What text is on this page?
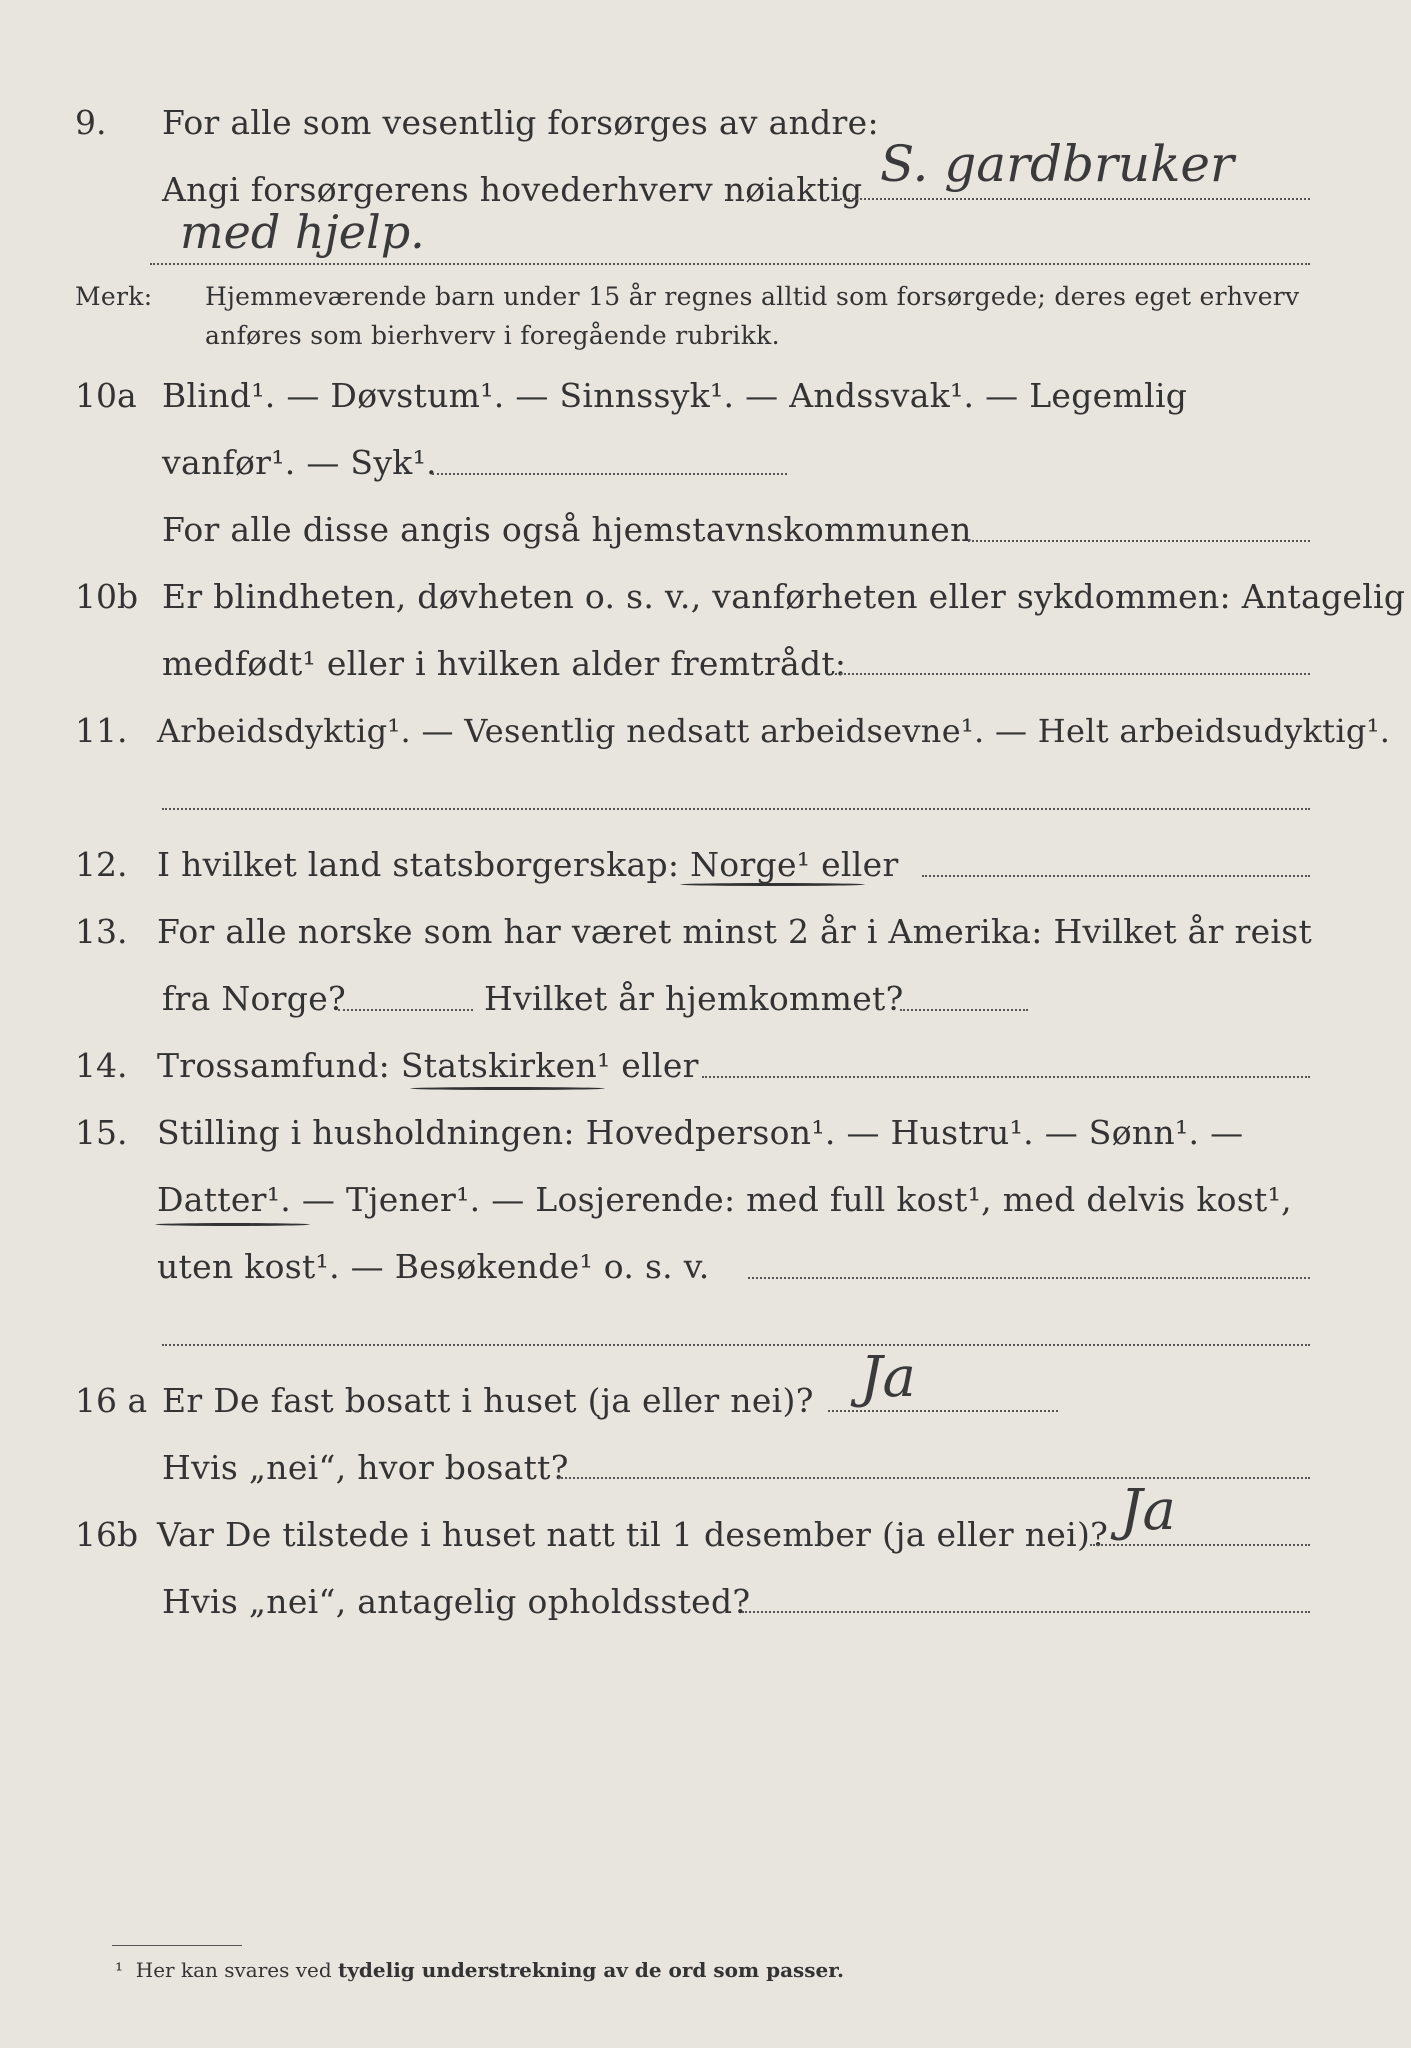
9. For alle som vesentlig forsørges av andre:
Angi forsørgerens hovederhverv nøiaktig S. gardbruker
med hjelp.
Merk: Hjemmeværende barn under 15 år regnes alltid som forsørgede; deres eget erhverv
anføres som bierhverv i foregående rubrikk.
10a Blind¹. — Døvstum¹. — Sinnssyk¹. — Andssvak¹. — Legemlig
vanfør¹. — Syk¹.
For alle disse angis også hjemstavnskommunen
10b Er blindheten, døvheten o. s. v., vanførheten eller sykdommen: Antagelig
medfødt¹ eller i hvilken alder fremtrådt:
11. Arbeidsdyktig¹. — Vesentlig nedsatt arbeidsevne¹. — Helt arbeidsudyktig¹.
12. I hvilket land statsborgerskap: Norge¹ eller
13. For alle norske som har været minst 2 år i Amerika: Hvilket år reist
fra Norge?	Hvilket år hjemkommet?
14. Trossamfund: Statskirken¹ eller
15. Stilling i husholdningen: Hovedperson¹. — Hustru¹. — Sønn¹. —
Datter¹. — Tjener¹. — Losjerende: med full kost¹, med delvis kost¹,
uten kost¹. — Besøkende¹ o. s. v.
16 a Er De fast bosatt i huset (ja eller nei)? Ja
Hvis „nei“, hvor bosatt?
16b Var De tilstede i huset natt til 1 desember (ja eller nei)? Ja
Hvis „nei“, antagelig opholdssted?
¹ Her kan svares ved tydelig understrekning av de ord som passer.
